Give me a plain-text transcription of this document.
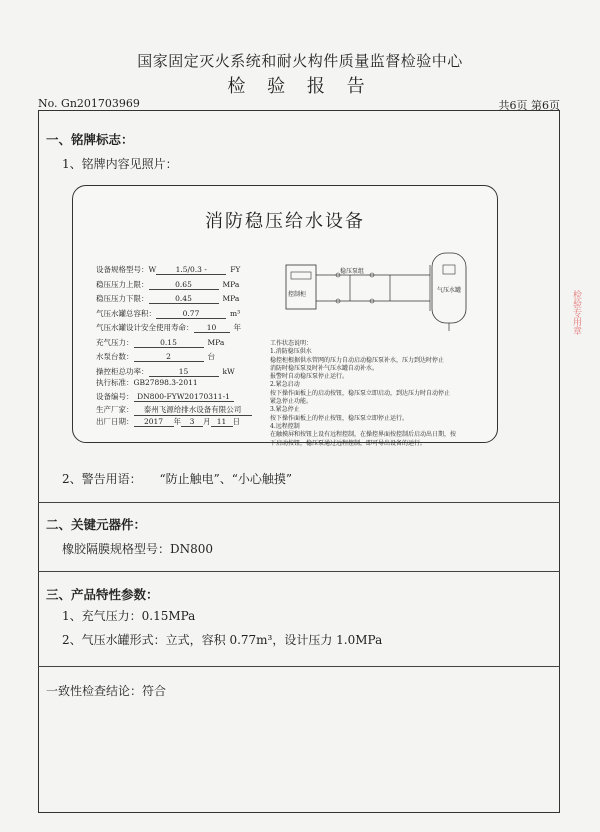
国家固定灭火系统和耐火构件质量监督检验中心
检 验 报 告
No. Gn201703969	共6页 第6页
一、铭牌标志：
1、铭牌内容见照片：
消防稳压给水设备
设备规格型号：W	1.5/0.3 -	FY
稳压压力上限：	0.65	MPa
稳压压力下限：	0.45	MPa
气压水罐总容积：	0.77	m³
气压水罐设计安全使用寿命： 10 年
充气压力：	0.15	MPa
水泵台数：	2	台
操控柜总功率：	15	kW
执行标准：GB27898.3-2011
设备编号： DN800-FYW20170311-1
生产厂家： 泰州飞源给排水设备有限公司
出厂日期： 2017 年 3 月 11 日
控制柜
稳压泵组
气压水罐
工作状态说明：
1.消防稳压供水
稳控柜根据供水管网的压力自动启动稳压泵补水，压力到达时停止
消防时稳压泵及时补气压水罐自动补水。
报警时自动稳压泵停止运行。
2.紧急启动
按下操作面板上的启动按钮，稳压泵立即启动，到达压力时自动停止
紧急停止功能。
3.紧急停止
按下操作面板上的停止按钮，稳压泵立即停止运行。
4.远程控制
在触摸屏和按钮上设有远程控制，在操控界面按控制后启动出日期，按
下启动按钮，稳压泵通过远程控制，即可导出设备的运行。
2、警告用语： “防止触电”、“小心触摸”
二、关键元器件：
橡胶隔膜规格型号：DN800
三、产品特性参数：
1、充气压力：0.15MPa
2、气压水罐形式：立式，容积 0.77m³，设计压力 1.0MPa
一致性检查结论：符合
检验专用章
